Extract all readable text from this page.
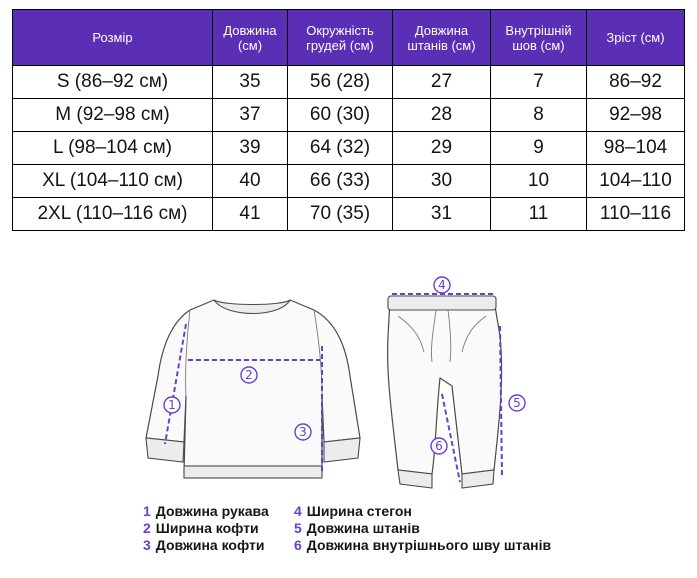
Розмір	Довжина (см)	Окружність грудей (см)	Довжина штанів (см)	Внутрішній шов (см)	Зріст (см)
S (86–92 см)	35	56 (28)	27	7	86–92
M (92–98 см)	37	60 (30)	28	8	92–98
L (98–104 см)	39	64 (32)	29	9	98–104
XL (104–110 см)	40	66 (33)	30	10	104–110
2XL (110–116 см)	41	70 (35)	31	11	110–116
1
2
3
4
5
6
1 Довжина рукава
2 Ширина кофти
3 Довжина кофти
4 Ширина стегон
5 Довжина штанів
6 Довжина внутрішнього шву штанів
